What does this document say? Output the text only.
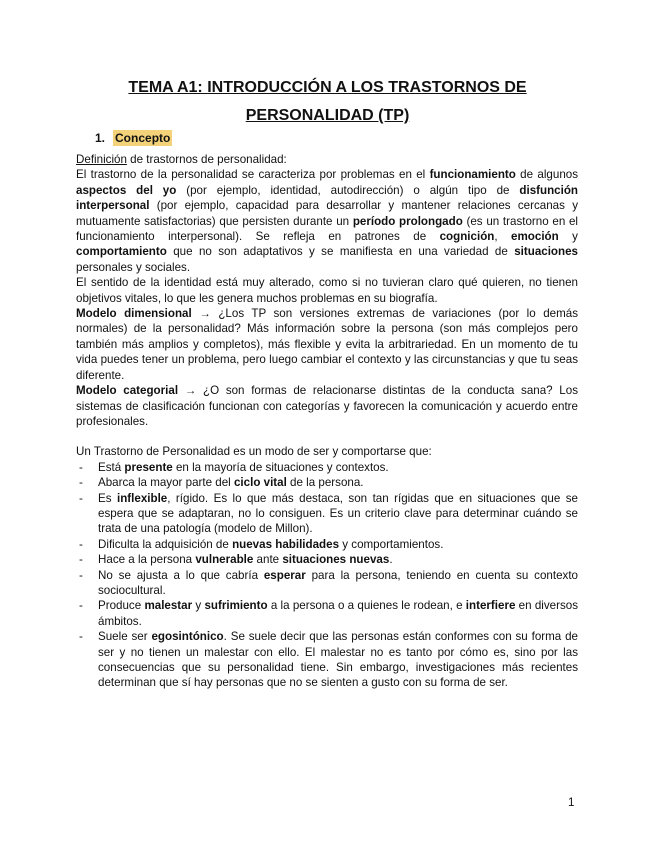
TEMA A1: INTRODUCCIÓN A LOS TRASTORNOS DE
PERSONALIDAD (TP)
1. Concepto

Definición de trastornos de personalidad:

El trastorno de la personalidad se caracteriza por problemas en el funcionamiento de algunos aspectos del yo (por ejemplo, identidad, autodirección) o algún tipo de disfunción interpersonal (por ejemplo, capacidad para desarrollar y mantener relaciones cercanas y mutuamente satisfactorias) que persisten durante un período prolongado (es un trastorno en el funcionamiento interpersonal). Se refleja en patrones de cognición, emoción y comportamiento que no son adaptativos y se manifiesta en una variedad de situaciones personales y sociales.

El sentido de la identidad está muy alterado, como si no tuvieran claro qué quieren, no tienen objetivos vitales, lo que les genera muchos problemas en su biografía.

Modelo dimensional → ¿Los TP son versiones extremas de variaciones (por lo demás normales) de la personalidad? Más información sobre la persona (son más complejos pero también más amplios y completos), más flexible y evita la arbitrariedad. En un momento de tu vida puedes tener un problema, pero luego cambiar el contexto y las circunstancias y que tu seas diferente.

Modelo categorial → ¿O son formas de relacionarse distintas de la conducta sana? Los sistemas de clasificación funcionan con categorías y favorecen la comunicación y acuerdo entre profesionales.

Un Trastorno de Personalidad es un modo de ser y comportarse que:

- Está presente en la mayoría de situaciones y contextos.
- Abarca la mayor parte del ciclo vital de la persona.
- Es inflexible, rígido. Es lo que más destaca, son tan rígidas que en situaciones que se espera que se adaptaran, no lo consiguen. Es un criterio clave para determinar cuándo se trata de una patología (modelo de Millon).
- Dificulta la adquisición de nuevas habilidades y comportamientos.
- Hace a la persona vulnerable ante situaciones nuevas.
- No se ajusta a lo que cabría esperar para la persona, teniendo en cuenta su contexto sociocultural.
- Produce malestar y sufrimiento a la persona o a quienes le rodean, e interfiere en diversos ámbitos.
- Suele ser egosintónico. Se suele decir que las personas están conformes con su forma de ser y no tienen un malestar con ello. El malestar no es tanto por cómo es, sino por las consecuencias que su personalidad tiene. Sin embargo, investigaciones más recientes determinan que sí hay personas que no se sienten a gusto con su forma de ser.
1
